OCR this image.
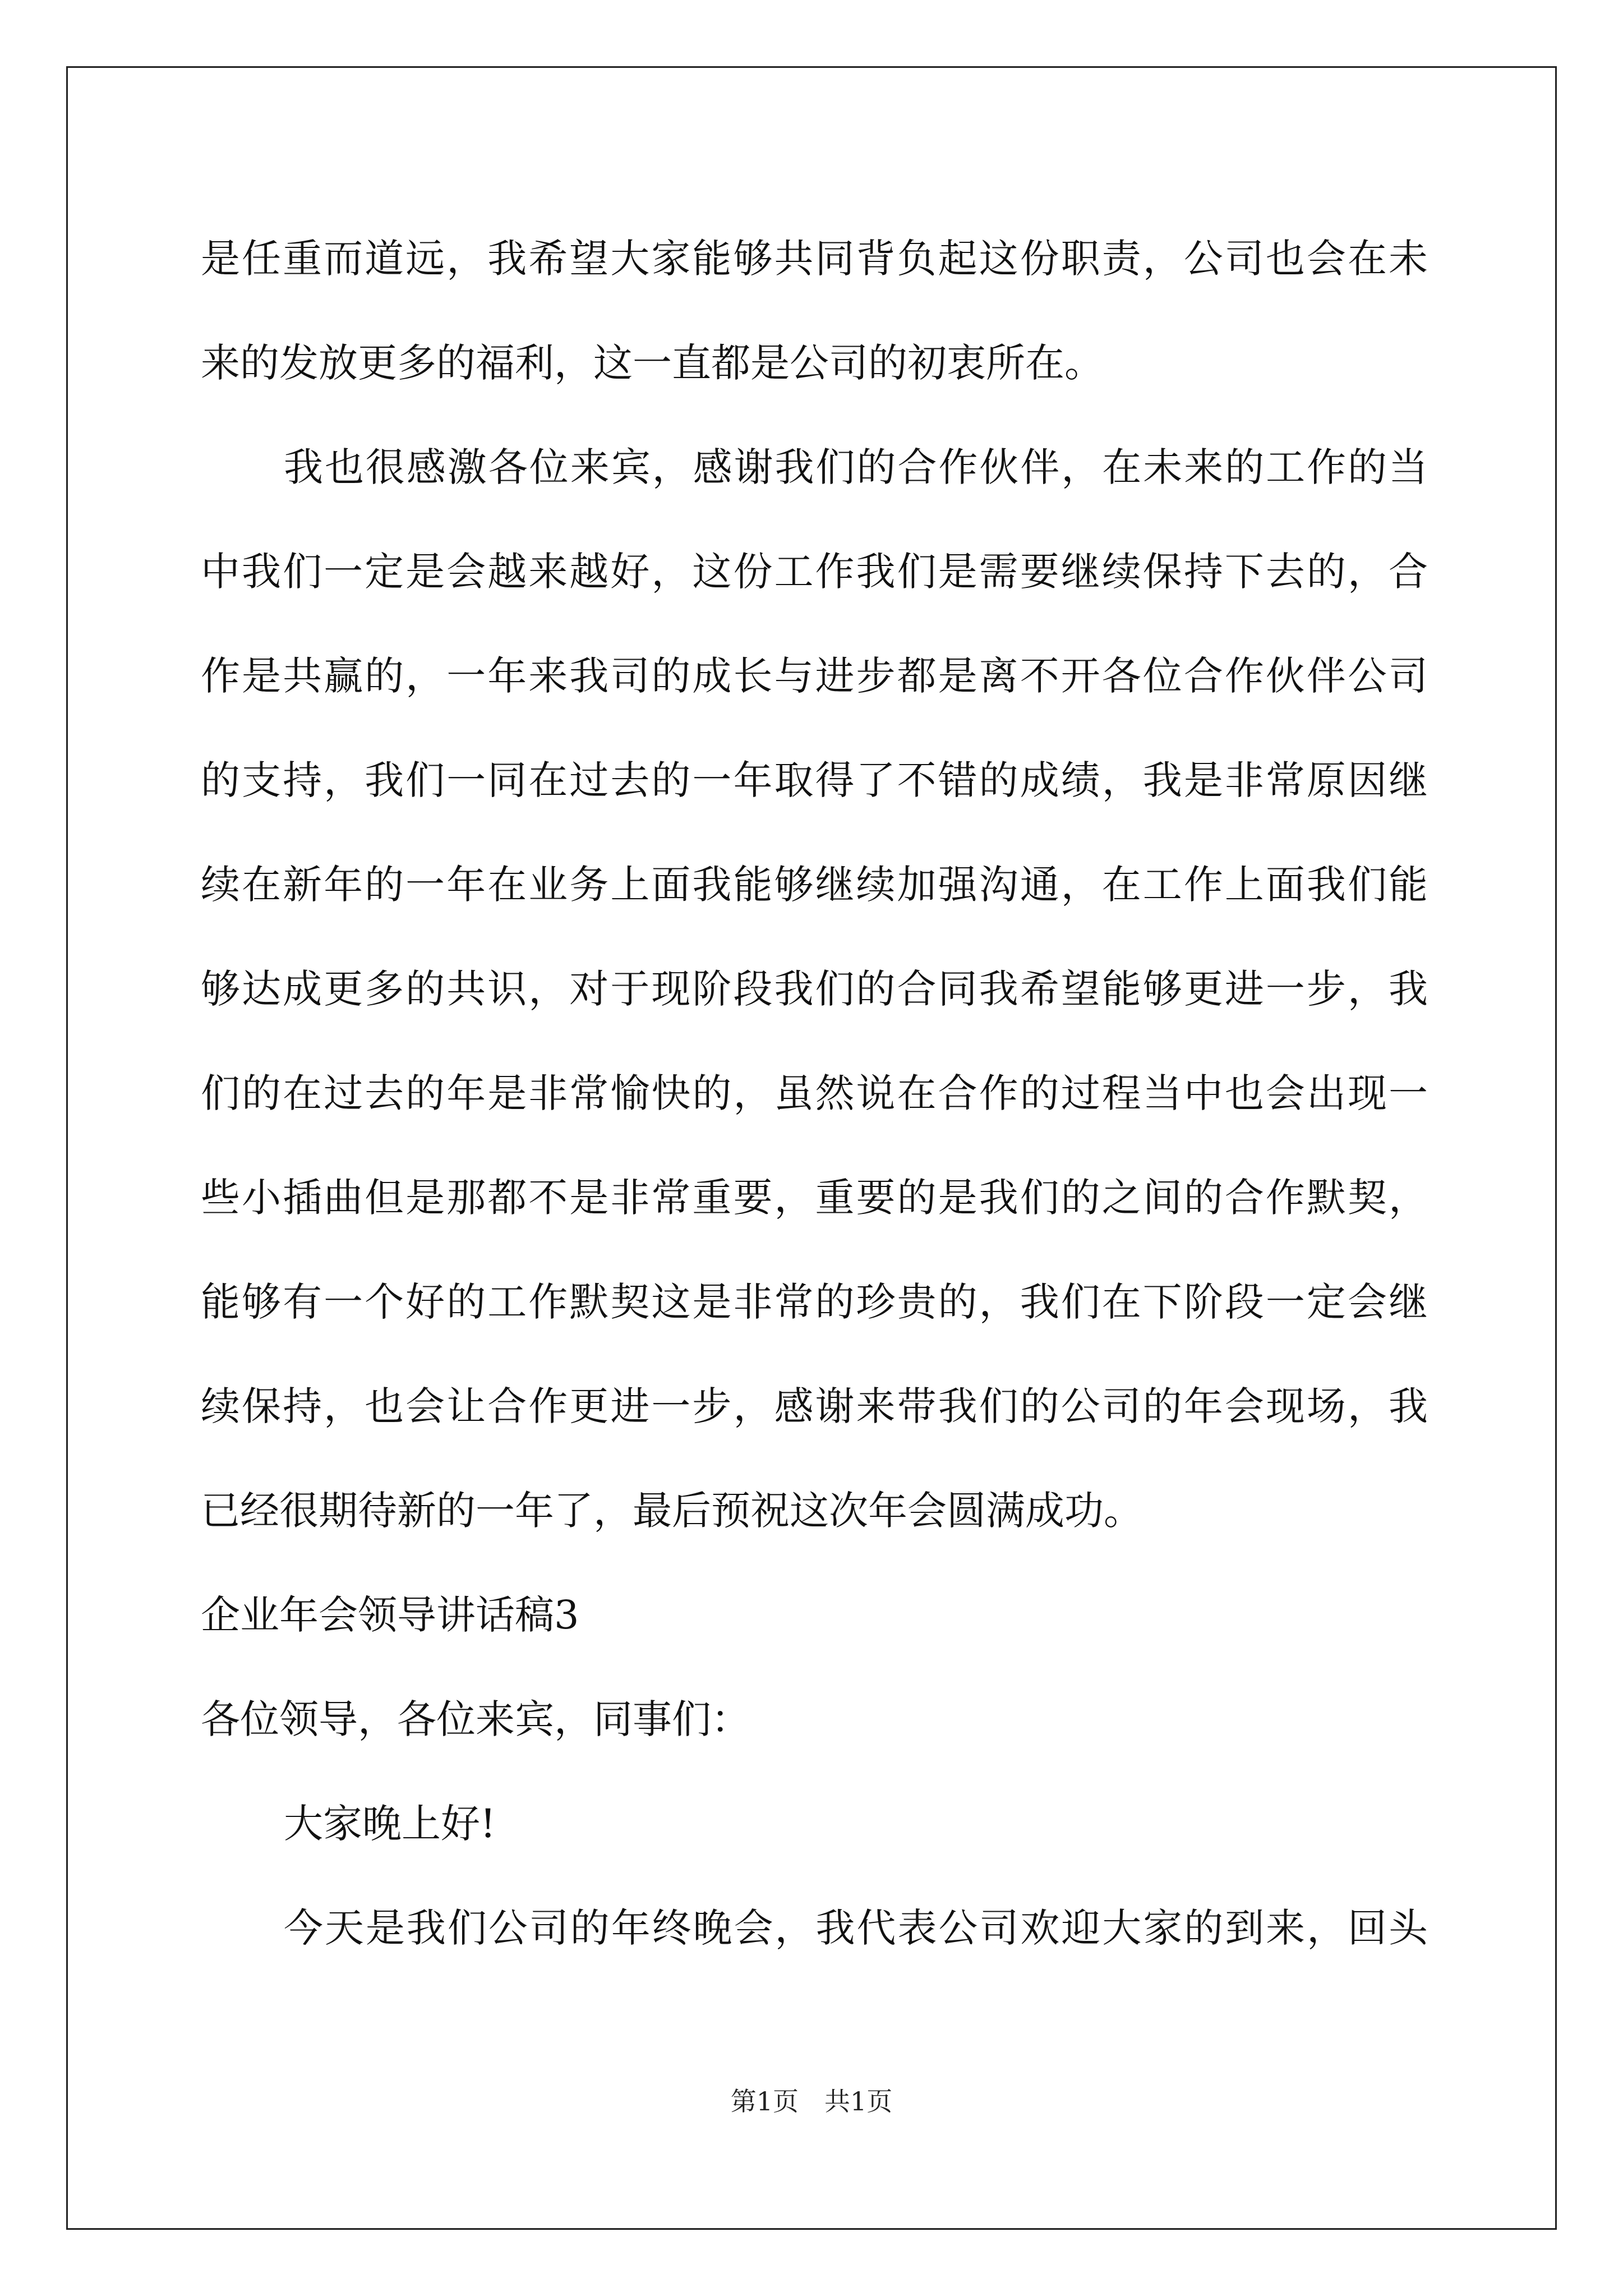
是任重而道远，我希望大家能够共同背负起这份职责，公司也会在未
来的发放更多的福利，这一直都是公司的初衷所在。
我也很感激各位来宾，感谢我们的合作伙伴，在未来的工作的当
中我们一定是会越来越好，这份工作我们是需要继续保持下去的，合
作是共赢的，一年来我司的成长与进步都是离不开各位合作伙伴公司
的支持，我们一同在过去的一年取得了不错的成绩，我是非常原因继
续在新年的一年在业务上面我能够继续加强沟通，在工作上面我们能
够达成更多的共识，对于现阶段我们的合同我希望能够更进一步，我
们的在过去的年是非常愉快的，虽然说在合作的过程当中也会出现一
些小插曲但是那都不是非常重要，重要的是我们的之间的合作默契，
能够有一个好的工作默契这是非常的珍贵的，我们在下阶段一定会继
续保持，也会让合作更进一步，感谢来带我们的公司的年会现场，我
已经很期待新的一年了，最后预祝这次年会圆满成功。
企业年会领导讲话稿3
各位领导，各位来宾，同事们：
大家晚上好!
今天是我们公司的年终晚会，我代表公司欢迎大家的到来，回头
第1页　共1页
